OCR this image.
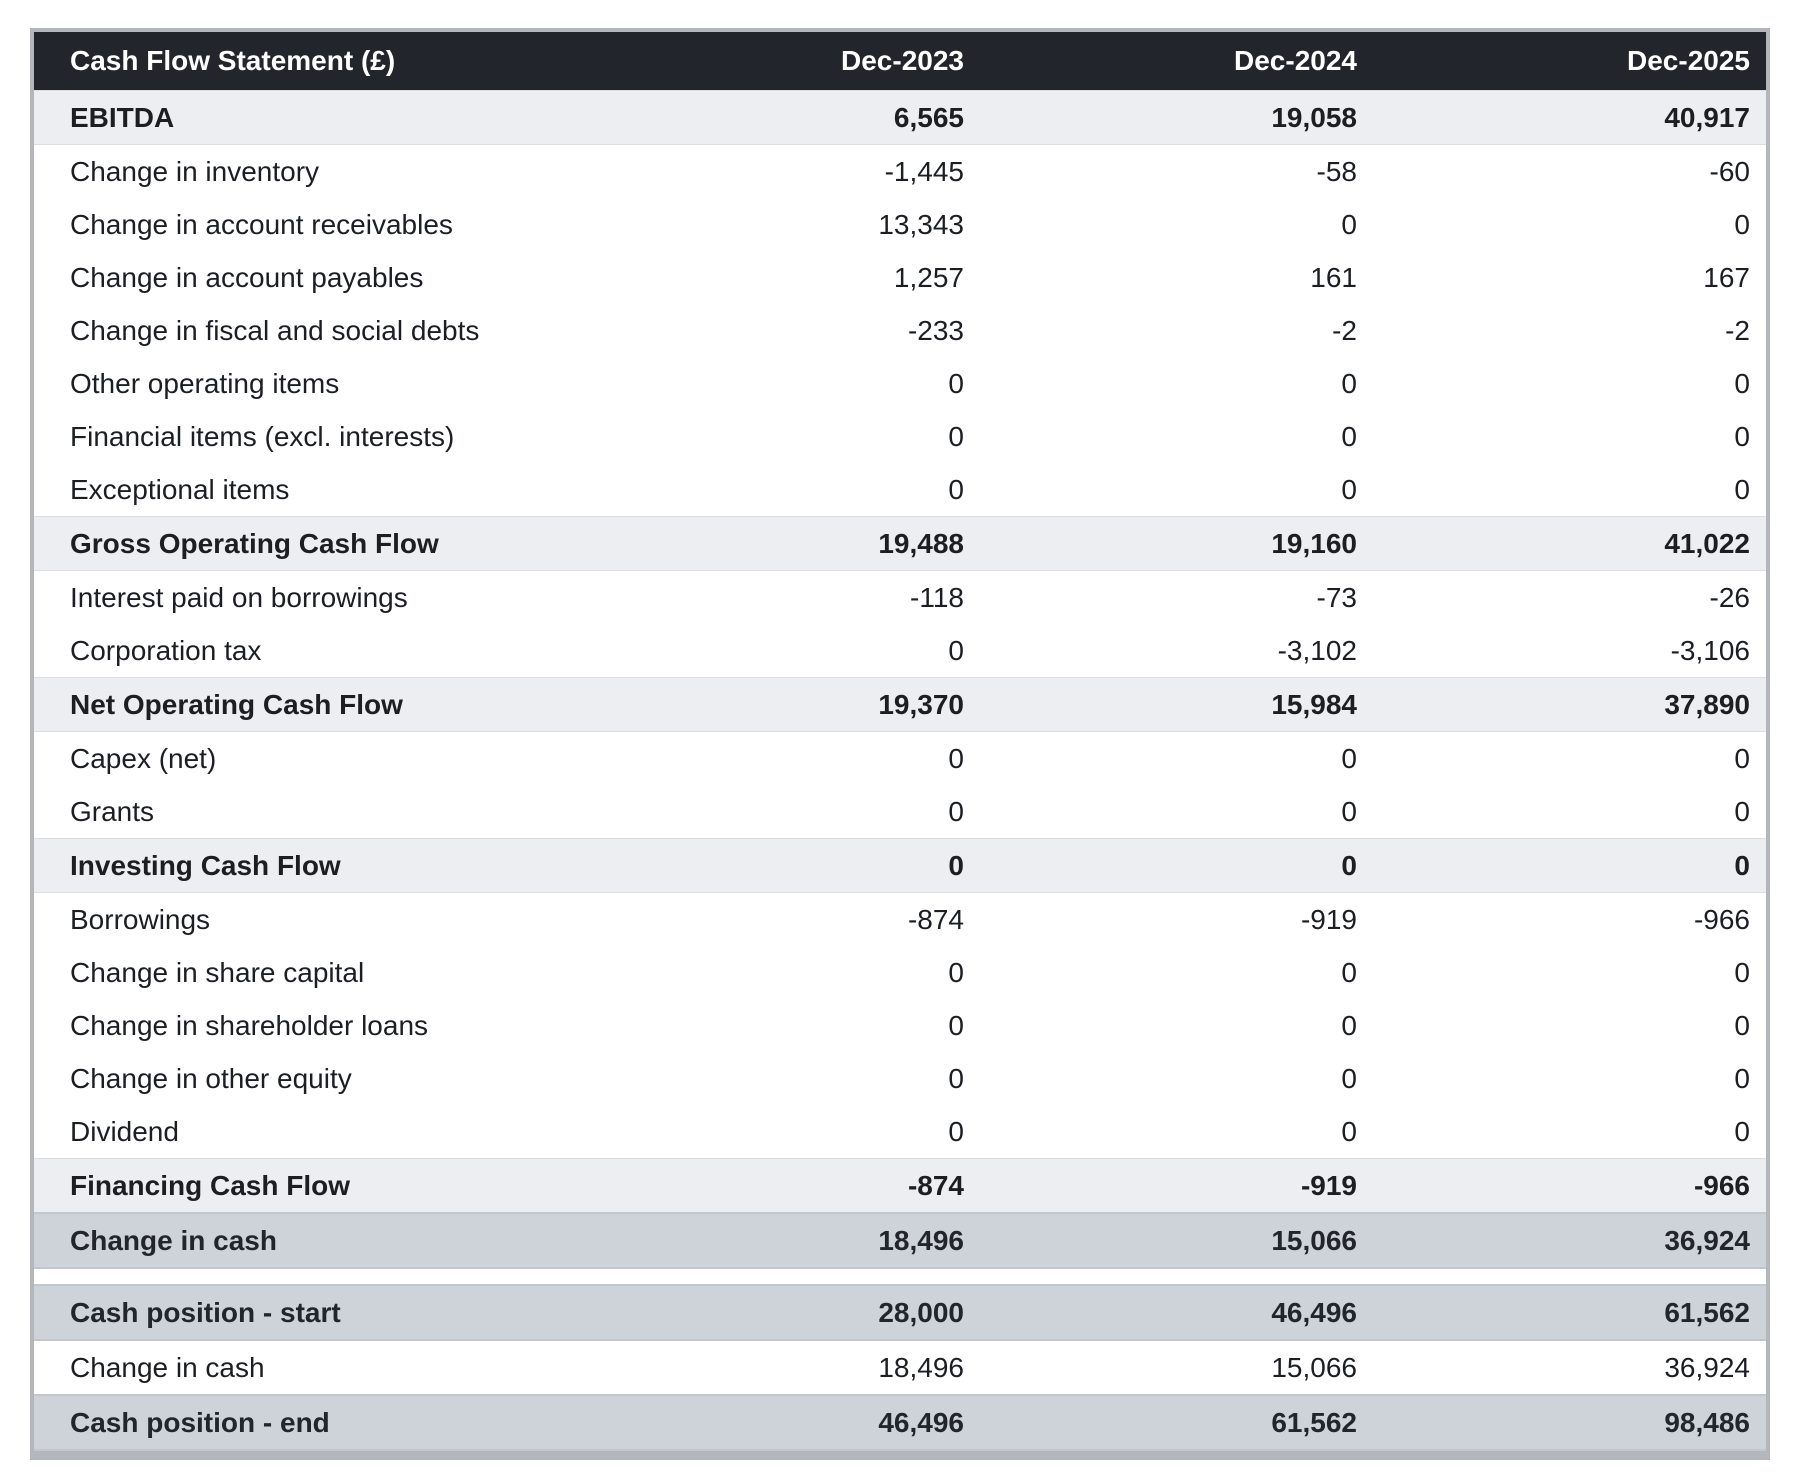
Cash Flow Statement (£)	Dec-2023	Dec-2024	Dec-2025
EBITDA	6,565	19,058	40,917
Change in inventory	-1,445	-58	-60
Change in account receivables	13,343	0	0
Change in account payables	1,257	161	167
Change in fiscal and social debts	-233	-2	-2
Other operating items	0	0	0
Financial items (excl. interests)	0	0	0
Exceptional items	0	0	0
Gross Operating Cash Flow	19,488	19,160	41,022
Interest paid on borrowings	-118	-73	-26
Corporation tax	0	-3,102	-3,106
Net Operating Cash Flow	19,370	15,984	37,890
Capex (net)	0	0	0
Grants	0	0	0
Investing Cash Flow	0	0	0
Borrowings	-874	-919	-966
Change in share capital	0	0	0
Change in shareholder loans	0	0	0
Change in other equity	0	0	0
Dividend	0	0	0
Financing Cash Flow	-874	-919	-966
Change in cash	18,496	15,066	36,924

Cash position - start	28,000	46,496	61,562
Change in cash	18,496	15,066	36,924
Cash position - end	46,496	61,562	98,486
